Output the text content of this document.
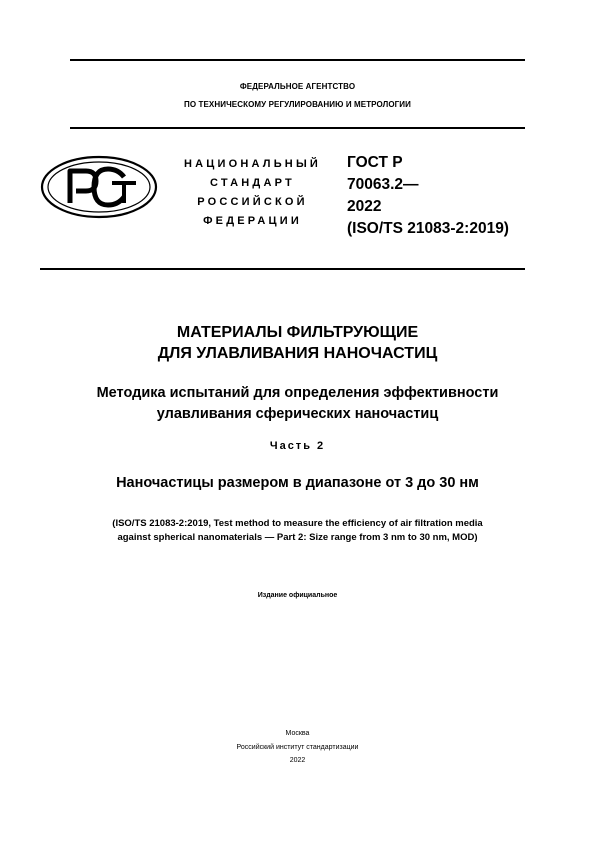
ФЕДЕРАЛЬНОЕ АГЕНТСТВО
ПО ТЕХНИЧЕСКОМУ РЕГУЛИРОВАНИЮ И МЕТРОЛОГИИ
НАЦИОНАЛЬНЫЙ
СТАНДАРТ
РОССИЙСКОЙ
ФЕДЕРАЦИИ
ГОСТ Р
70063.2—
2022
(ISO/TS 21083-2:2019)
МАТЕРИАЛЫ ФИЛЬТРУЮЩИЕ
ДЛЯ УЛАВЛИВАНИЯ НАНОЧАСТИЦ
Методика испытаний для определения эффективности
улавливания сферических наночастиц
Часть 2
Наночастицы размером в диапазоне от 3 до 30 нм
(ISO/TS 21083-2:2019, Test method to measure the efficiency of air filtration media
against spherical nanomaterials — Part 2: Size range from 3 nm to 30 nm, MOD)
Издание официальное
Москва
Российский институт стандартизации
2022
